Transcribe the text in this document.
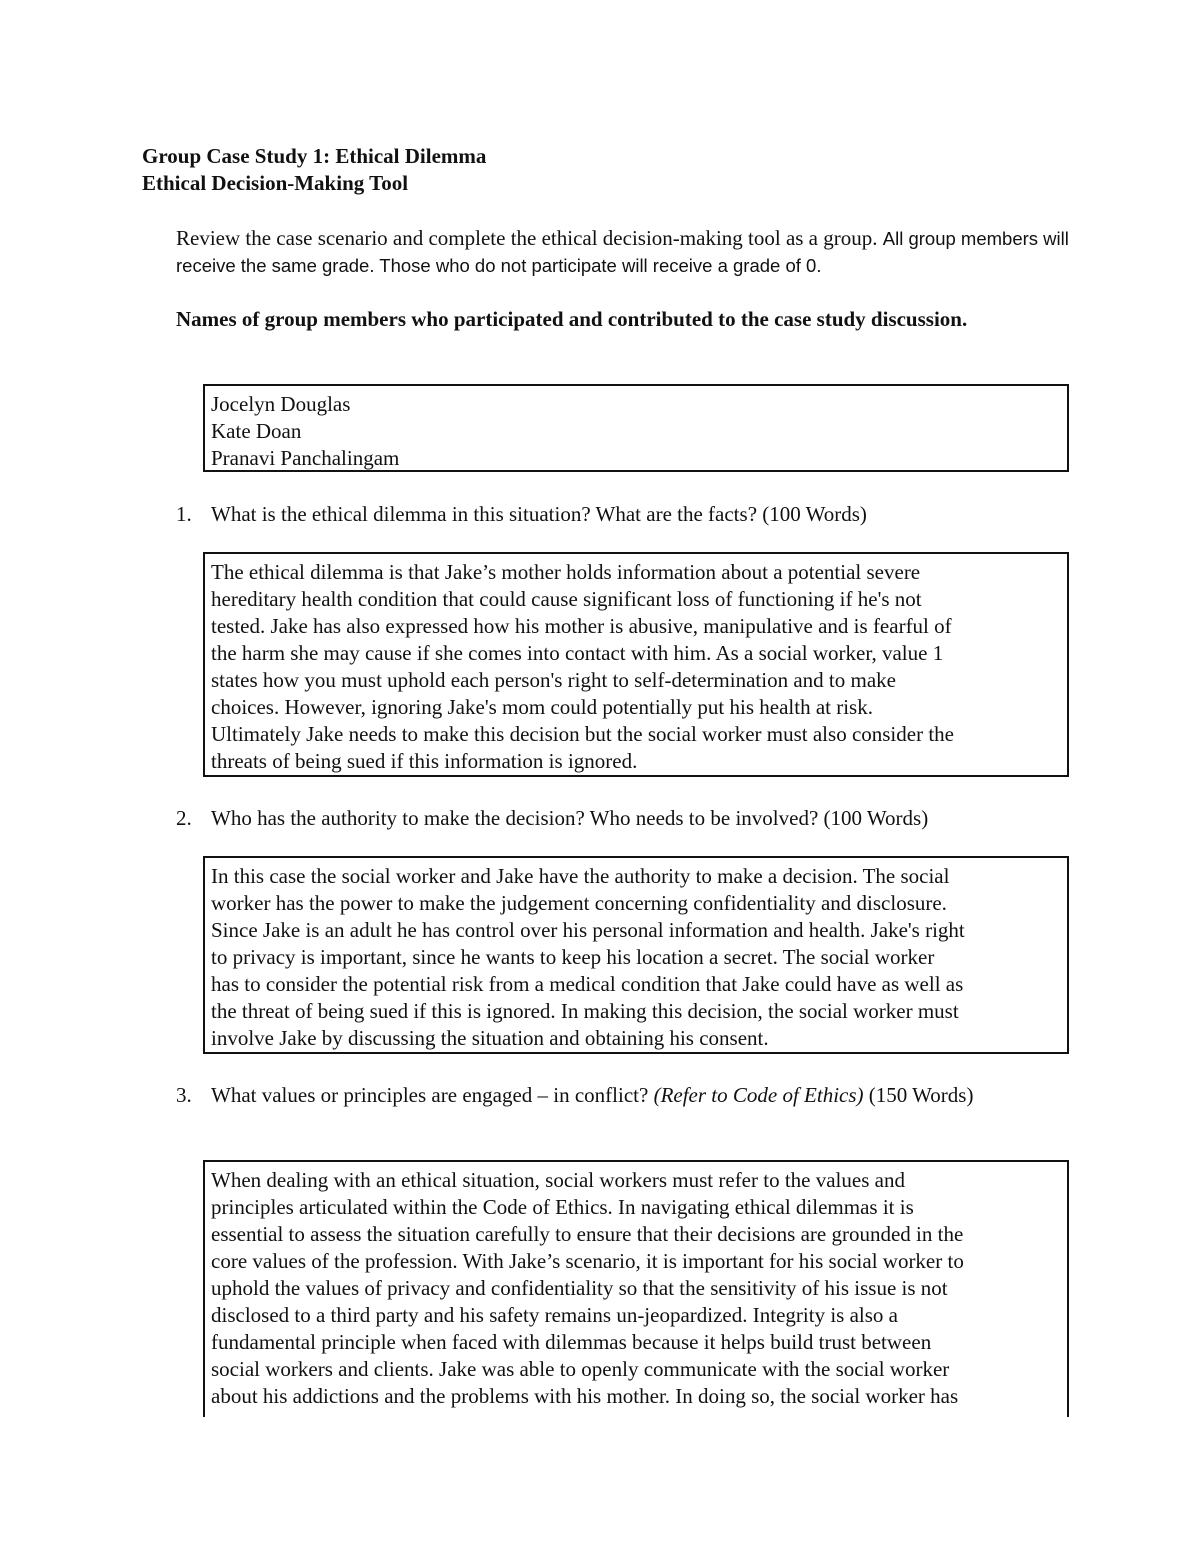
Group Case Study 1: Ethical Dilemma
Ethical Decision-Making Tool
Review the case scenario and complete the ethical decision-making tool as a group. All group members will receive the same grade. Those who do not participate will receive a grade of 0.
Names of group members who participated and contributed to the case study discussion.
Jocelyn Douglas
Kate Doan
Pranavi Panchalingam
1. What is the ethical dilemma in this situation? What are the facts? (100 Words)
The ethical dilemma is that Jake’s mother holds information about a potential severe
hereditary health condition that could cause significant loss of functioning if he's not
tested. Jake has also expressed how his mother is abusive, manipulative and is fearful of
the harm she may cause if she comes into contact with him. As a social worker, value 1
states how you must uphold each person's right to self-determination and to make
choices. However, ignoring Jake's mom could potentially put his health at risk.
Ultimately Jake needs to make this decision but the social worker must also consider the
threats of being sued if this information is ignored.
2. Who has the authority to make the decision? Who needs to be involved? (100 Words)
In this case the social worker and Jake have the authority to make a decision. The social
worker has the power to make the judgement concerning confidentiality and disclosure.
Since Jake is an adult he has control over his personal information and health. Jake's right
to privacy is important, since he wants to keep his location a secret. The social worker
has to consider the potential risk from a medical condition that Jake could have as well as
the threat of being sued if this is ignored. In making this decision, the social worker must
involve Jake by discussing the situation and obtaining his consent.
3. What values or principles are engaged – in conflict? (Refer to Code of Ethics) (150 Words)
When dealing with an ethical situation, social workers must refer to the values and
principles articulated within the Code of Ethics. In navigating ethical dilemmas it is
essential to assess the situation carefully to ensure that their decisions are grounded in the
core values of the profession. With Jake’s scenario, it is important for his social worker to
uphold the values of privacy and confidentiality so that the sensitivity of his issue is not
disclosed to a third party and his safety remains un-jeopardized. Integrity is also a
fundamental principle when faced with dilemmas because it helps build trust between
social workers and clients. Jake was able to openly communicate with the social worker
about his addictions and the problems with his mother. In doing so, the social worker has
